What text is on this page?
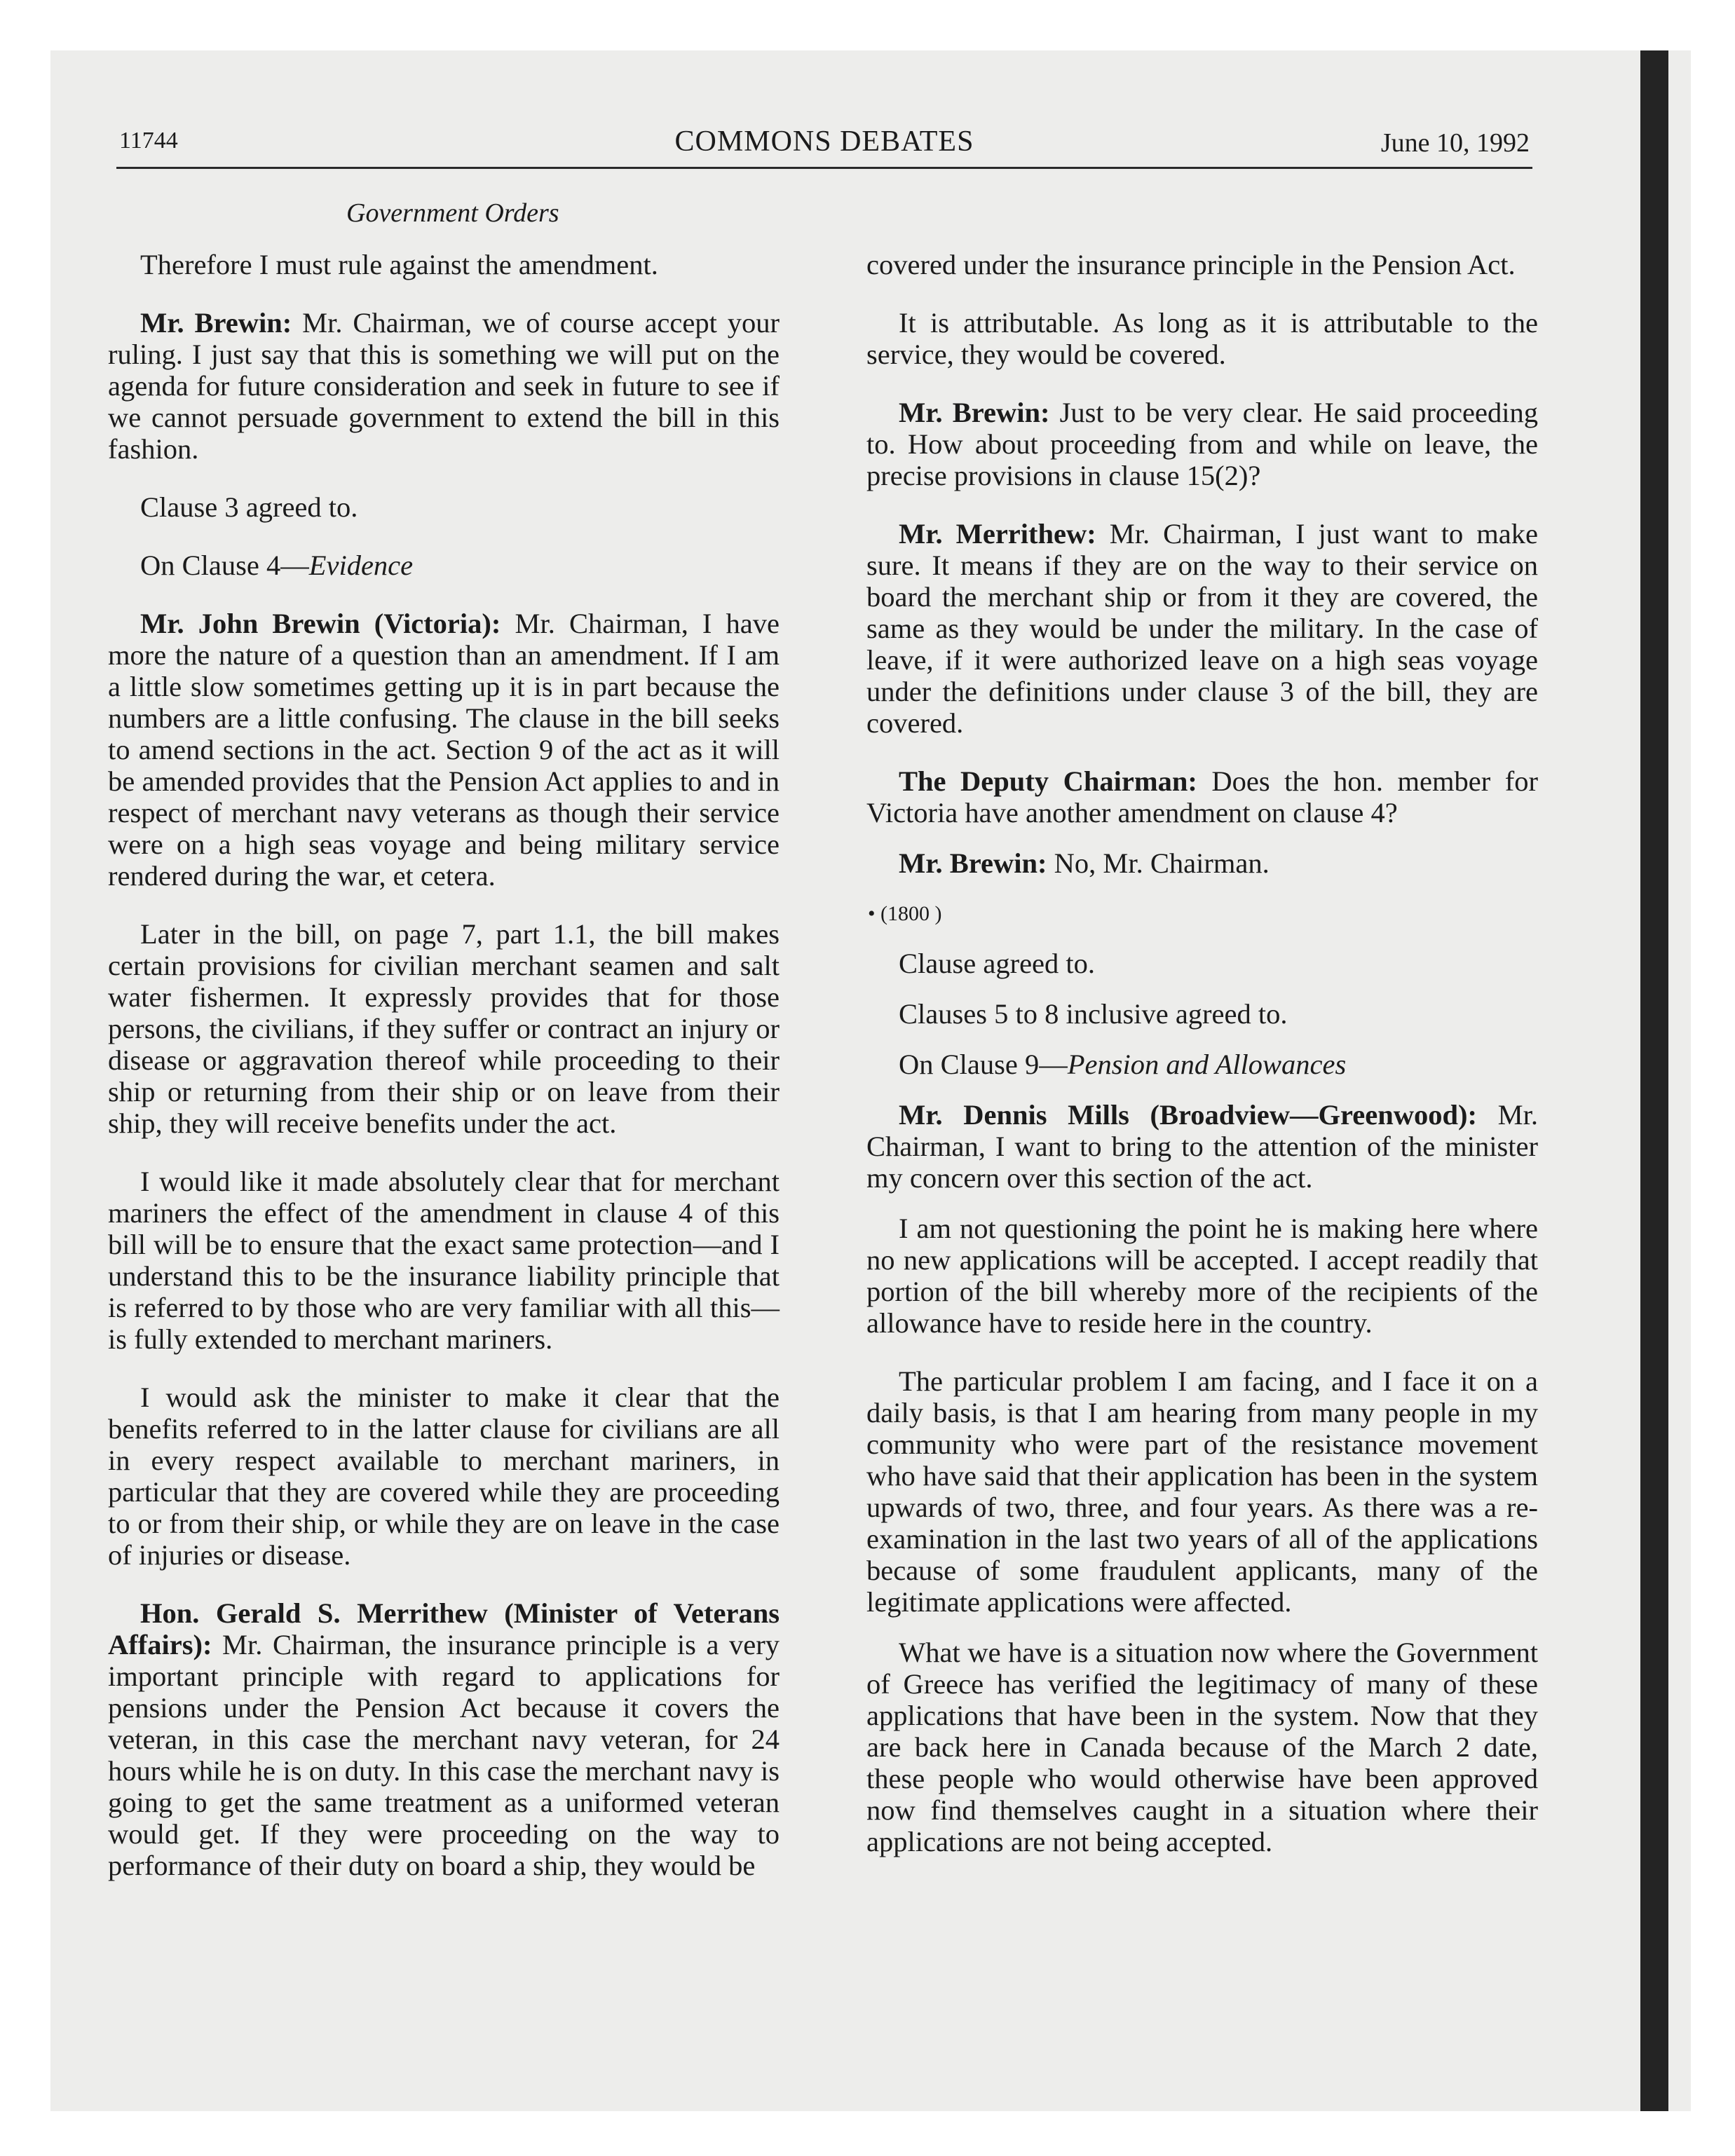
11744	COMMONS DEBATES	June 10, 1992
Government Orders

Therefore I must rule against the amendment.

Mr. Brewin: Mr. Chairman, we of course accept your ruling. I just say that this is something we will put on the agenda for future consideration and seek in future to see if we cannot persuade government to extend the bill in this fashion.

Clause 3 agreed to.

On Clause 4—Evidence

Mr. John Brewin (Victoria): Mr. Chairman, I have more the nature of a question than an amendment. If I am a little slow sometimes getting up it is in part because the numbers are a little confusing. The clause in the bill seeks to amend sections in the act. Section 9 of the act as it will be amended provides that the Pension Act applies to and in respect of merchant navy veterans as though their service were on a high seas voyage and being military service rendered during the war, et cetera.

Later in the bill, on page 7, part 1.1, the bill makes certain provisions for civilian merchant seamen and salt water fishermen. It expressly provides that for those persons, the civilians, if they suffer or contract an injury or disease or aggravation thereof while proceeding to their ship or returning from their ship or on leave from their ship, they will receive benefits under the act.

I would like it made absolutely clear that for merchant mariners the effect of the amendment in clause 4 of this bill will be to ensure that the exact same protection—and I understand this to be the insurance liability principle that is referred to by those who are very familiar with all this—is fully extended to merchant mariners.

I would ask the minister to make it clear that the benefits referred to in the latter clause for civilians are all in every respect available to merchant mariners, in particular that they are covered while they are proceeding to or from their ship, or while they are on leave in the case of injuries or disease.

Hon. Gerald S. Merrithew (Minister of Veterans Affairs): Mr. Chairman, the insurance principle is a very important principle with regard to applications for pensions under the Pension Act because it covers the veteran, in this case the merchant navy veteran, for 24 hours while he is on duty. In this case the merchant navy is going to get the same treatment as a uniformed veteran would get. If they were proceeding on the way to performance of their duty on board a ship, they would be

covered under the insurance principle in the Pension Act.

It is attributable. As long as it is attributable to the service, they would be covered.

Mr. Brewin: Just to be very clear. He said proceeding to. How about proceeding from and while on leave, the precise provisions in clause 15(2)?

Mr. Merrithew: Mr. Chairman, I just want to make sure. It means if they are on the way to their service on board the merchant ship or from it they are covered, the same as they would be under the military. In the case of leave, if it were authorized leave on a high seas voyage under the definitions under clause 3 of the bill, they are covered.

The Deputy Chairman: Does the hon. member for Victoria have another amendment on clause 4?

Mr. Brewin: No, Mr. Chairman.

• (1800 )

Clause agreed to.

Clauses 5 to 8 inclusive agreed to.

On Clause 9—Pension and Allowances

Mr. Dennis Mills (Broadview—Greenwood): Mr. Chairman, I want to bring to the attention of the minister my concern over this section of the act.

I am not questioning the point he is making here where no new applications will be accepted. I accept readily that portion of the bill whereby more of the recipients of the allowance have to reside here in the country.

The particular problem I am facing, and I face it on a daily basis, is that I am hearing from many people in my community who were part of the resistance movement who have said that their application has been in the system upwards of two, three, and four years. As there was a re-examination in the last two years of all of the applications because of some fraudulent applicants, many of the legitimate applications were affected.

What we have is a situation now where the Government of Greece has verified the legitimacy of many of these applications that have been in the system. Now that they are back here in Canada because of the March 2 date, these people who would otherwise have been approved now find themselves caught in a situation where their applications are not being accepted.
